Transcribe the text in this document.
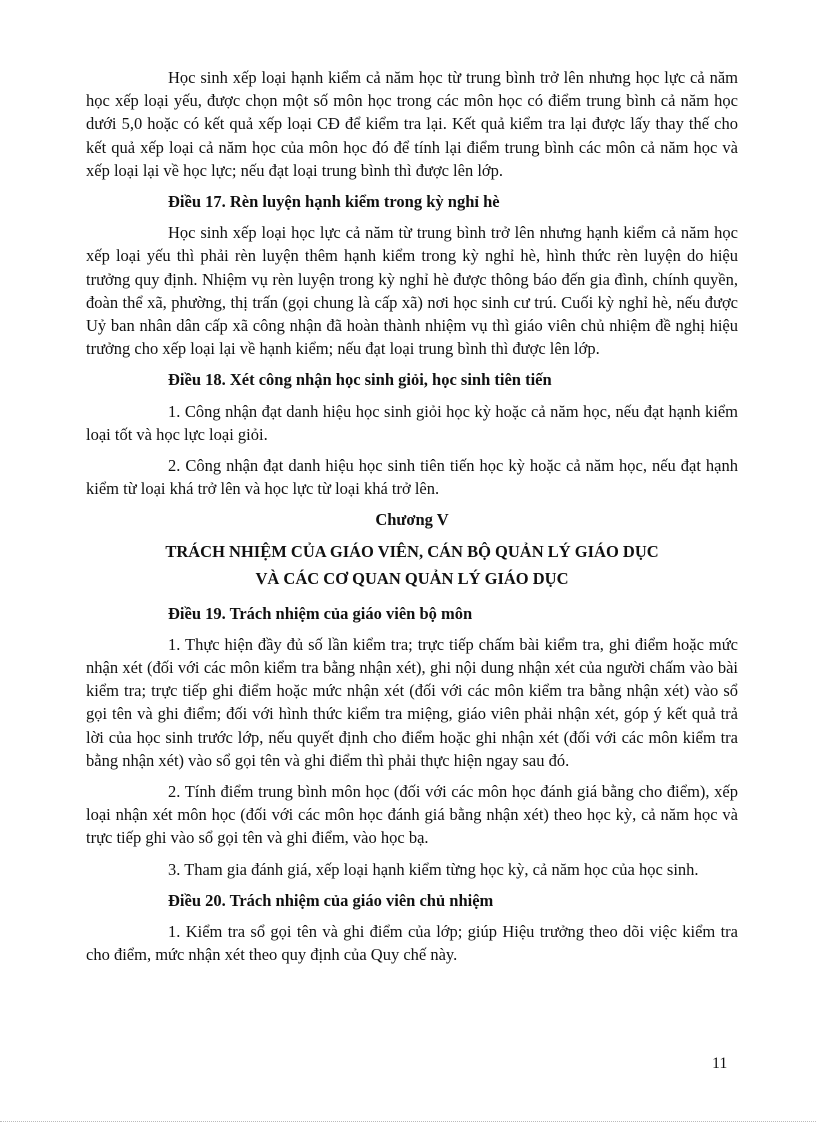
Học sinh xếp loại hạnh kiểm cả năm học từ trung bình trở lên nhưng học lực cả năm học xếp loại yếu, được chọn một số môn học trong các môn học có điểm trung bình cả năm học dưới 5,0 hoặc có kết quả xếp loại CĐ để kiểm tra lại. Kết quả kiểm tra lại được lấy thay thế cho kết quả xếp loại cả năm học của môn học đó để tính lại điểm trung bình các môn cả năm học và xếp loại lại về học lực; nếu đạt loại trung bình thì được lên lớp.

Điều 17. Rèn luyện hạnh kiểm trong kỳ nghỉ hè

Học sinh xếp loại học lực cả năm từ trung bình trở lên nhưng hạnh kiểm cả năm học xếp loại yếu thì phải rèn luyện thêm hạnh kiểm trong kỳ nghỉ hè, hình thức rèn luyện do hiệu trưởng quy định. Nhiệm vụ rèn luyện trong kỳ nghỉ hè được thông báo đến gia đình, chính quyền, đoàn thể xã, phường, thị trấn (gọi chung là cấp xã) nơi học sinh cư trú. Cuối kỳ nghỉ hè, nếu được Uỷ ban nhân dân cấp xã công nhận đã hoàn thành nhiệm vụ thì giáo viên chủ nhiệm đề nghị hiệu trưởng cho xếp loại lại về hạnh kiểm; nếu đạt loại trung bình thì được lên lớp.

Điều 18. Xét công nhận học sinh giỏi, học sinh tiên tiến

1. Công nhận đạt danh hiệu học sinh giỏi học kỳ hoặc cả năm học, nếu đạt hạnh kiểm loại tốt và học lực loại giỏi.

2. Công nhận đạt danh hiệu học sinh tiên tiến học kỳ hoặc cả năm học, nếu đạt hạnh kiểm từ loại khá trở lên và học lực từ loại khá trở lên.

Chương V

TRÁCH NHIỆM CỦA GIÁO VIÊN, CÁN BỘ QUẢN LÝ GIÁO DỤC
VÀ CÁC CƠ QUAN QUẢN LÝ GIÁO DỤC

Điều 19. Trách nhiệm của giáo viên bộ môn

1. Thực hiện đầy đủ số lần kiểm tra; trực tiếp chấm bài kiểm tra, ghi điểm hoặc mức nhận xét (đối với các môn kiểm tra bằng nhận xét), ghi nội dung nhận xét của người chấm vào bài kiểm tra; trực tiếp ghi điểm hoặc mức nhận xét (đối với các môn kiểm tra bằng nhận xét) vào sổ gọi tên và ghi điểm; đối với hình thức kiểm tra miệng, giáo viên phải nhận xét, góp ý kết quả trả lời của học sinh trước lớp, nếu quyết định cho điểm hoặc ghi nhận xét (đối với các môn kiểm tra bằng nhận xét) vào sổ gọi tên và ghi điểm thì phải thực hiện ngay sau đó.

2. Tính điểm trung bình môn học (đối với các môn học đánh giá bằng cho điểm), xếp loại nhận xét môn học (đối với các môn học đánh giá bằng nhận xét) theo học kỳ, cả năm học và trực tiếp ghi vào sổ gọi tên và ghi điểm, vào học bạ.

3. Tham gia đánh giá, xếp loại hạnh kiểm từng học kỳ, cả năm học của học sinh.

Điều 20. Trách nhiệm của giáo viên chủ nhiệm

1. Kiểm tra sổ gọi tên và ghi điểm của lớp; giúp Hiệu trưởng theo dõi việc kiểm tra cho điểm, mức nhận xét theo quy định của Quy chế này.

11
